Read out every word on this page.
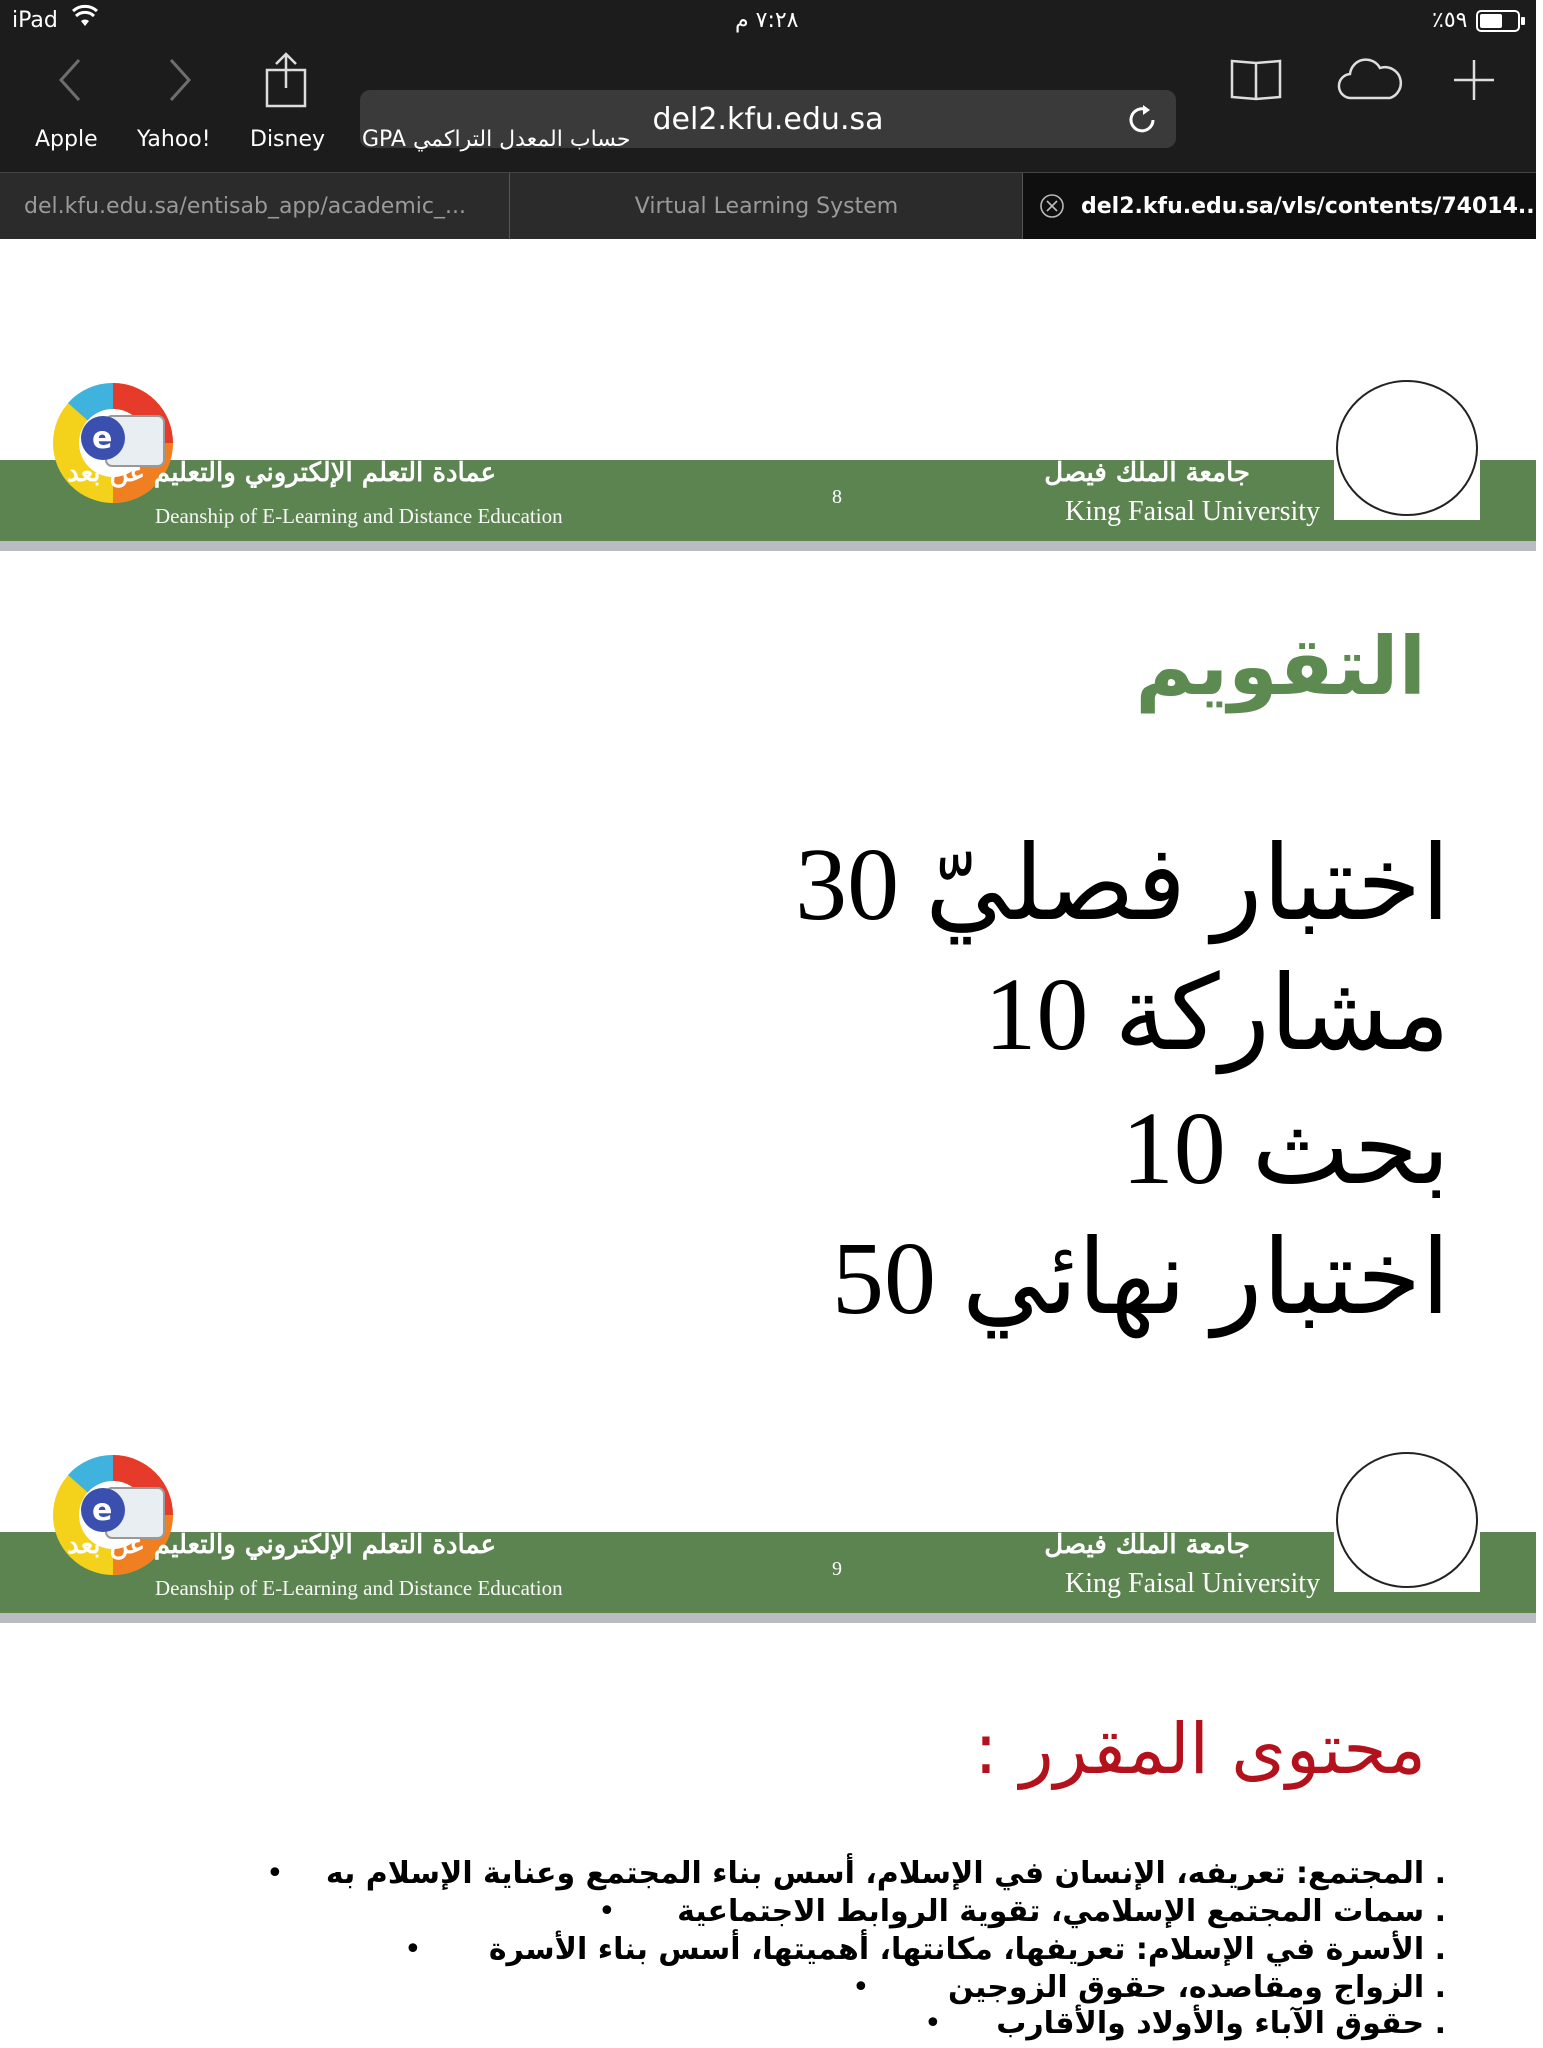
iPad	٧:٢٨ م	٪٥٩
del2.kfu.edu.sa
Apple Yahoo! Disney GPA حساب المعدل التراكمي
del.kfu.edu.sa/entisab_app/academic_...	Virtual Learning System	del2.kfu.edu.sa/vls/contents/74014...
e
عمادة التعلم الإلكتروني والتعليم عن بعد
Deanship of E-Learning and Distance Education
8
جامعة الملك فيصل
King Faisal University
التقويم
اختبار فصليّ 30
مشاركة 10
بحث 10
اختبار نهائي 50
e
عمادة التعلم الإلكتروني والتعليم عن بعد
Deanship of E-Learning and Distance Education
9
جامعة الملك فيصل
King Faisal University
محتوى المقرر :
. المجتمع: تعريفه، الإنسان في الإسلام، أسس بناء المجتمع وعناية الإسلام به
•
. سمات المجتمع الإسلامي، تقوية الروابط الاجتماعية
•
. الأسرة في الإسلام: تعريفها، مكانتها، أهميتها، أسس بناء الأسرة
•
. الزواج ومقاصده، حقوق الزوجين
•
. حقوق الآباء والأولاد والأقارب
•
